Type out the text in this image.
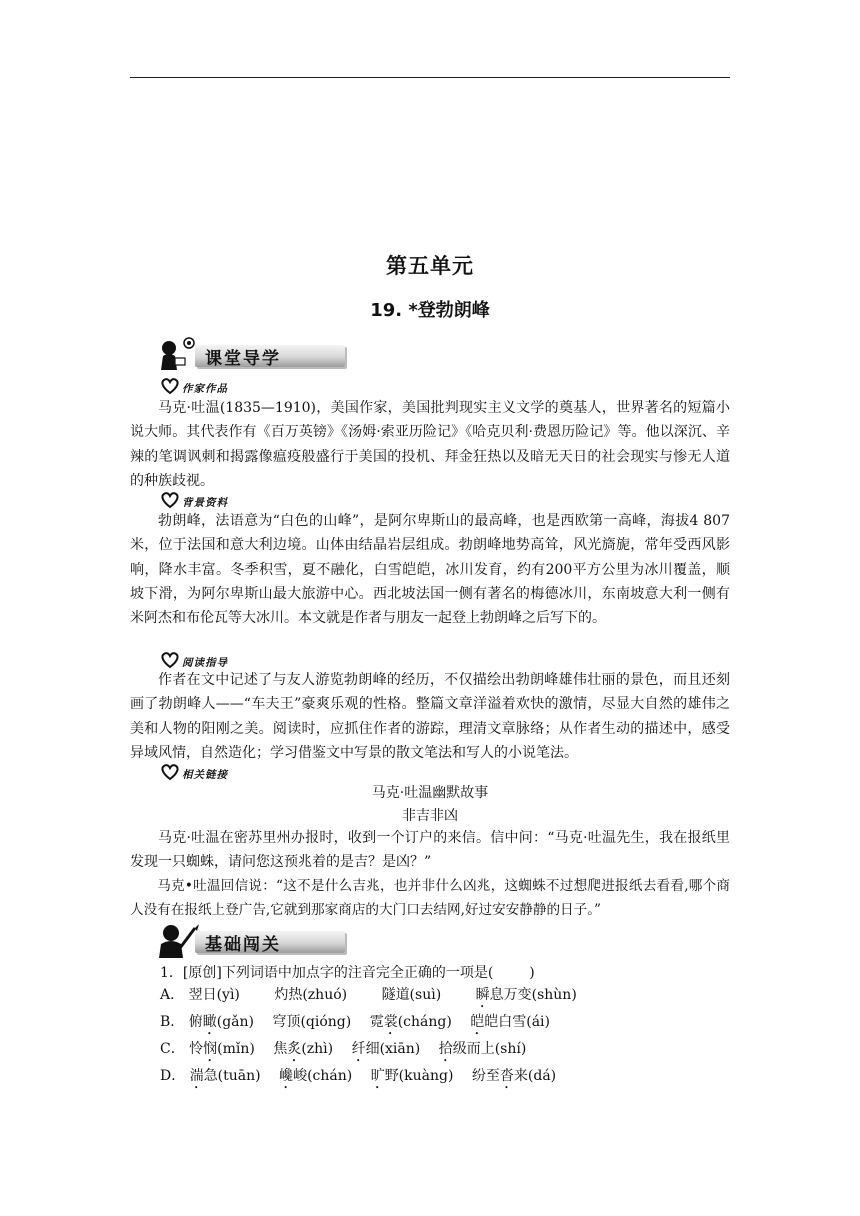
第五单元
19. *登勃朗峰
课堂导学
作家作品

马克·吐温(1835—1910)，美国作家，美国批判现实主义文学的奠基人，世界著名的短篇小说大师。其代表作有《百万英镑》《汤姆·索亚历险记》《哈克贝利·费恩历险记》等。他以深沉、辛辣的笔调讽刺和揭露像瘟疫般盛行于美国的投机、拜金狂热以及暗无天日的社会现实与惨无人道的种族歧视。

背景资料

勃朗峰，法语意为“白色的山峰”，是阿尔卑斯山的最高峰，也是西欧第一高峰，海拔4 807米，位于法国和意大利边境。山体由结晶岩层组成。勃朗峰地势高耸，风光旖旎，常年受西风影响，降水丰富。冬季积雪，夏不融化，白雪皑皑，冰川发育，约有200平方公里为冰川覆盖，顺坡下滑，为阿尔卑斯山最大旅游中心。西北坡法国一侧有著名的梅德冰川，东南坡意大利一侧有米阿杰和布伦瓦等大冰川。本文就是作者与朋友一起登上勃朗峰之后写下的。

阅读指导

作者在文中记述了与友人游览勃朗峰的经历，不仅描绘出勃朗峰雄伟壮丽的景色，而且还刻画了勃朗峰人——“车夫王”豪爽乐观的性格。整篇文章洋溢着欢快的激情，尽显大自然的雄伟之美和人物的阳刚之美。阅读时，应抓住作者的游踪，理清文章脉络；从作者生动的描述中，感受异域风情，自然造化；学习借鉴文中写景的散文笔法和写人的小说笔法。

相关链接
马克·吐温幽默故事
非吉非凶

马克·吐温在密苏里州办报时，收到一个订户的来信。信中问：“马克·吐温先生，我在报纸里发现一只蜘蛛，请问您这预兆着的是吉？是凶？”

马克•吐温回信说：“这不是什么吉兆，也并非什么凶兆，这蜘蛛不过想爬进报纸去看看,哪个商人没有在报纸上登广告,它就到那家商店的大门口去结网,好过安安静静的日子。”

基础闯关
1．[原创]下列词语中加点字的注音完全正确的一项是(	)
A． 翌日(yì) 灼热(zhuó) 隧道(suì) 瞬息万变(shùn)
B． 俯瞰(gǎn) 穹顶(qióng) 霓裳(cháng) 皑皑白雪(ái)
C． 怜悯(mǐn) 焦炙(zhì) 纤细(xiān) 拾级而上(shí)
D． 湍急(tuān) 巉峻(chán) 旷野(kuàng) 纷至沓来(dá)
